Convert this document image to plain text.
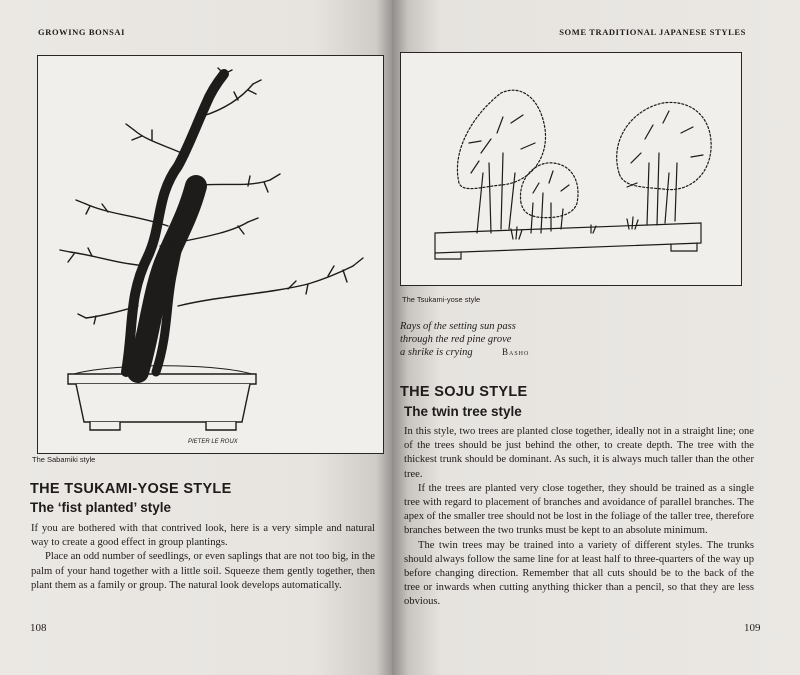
GROWING BONSAI
PIETER LE ROUX
The Sabamiki style
THE TSUKAMI-YOSE STYLE
The ‘fist planted’ style

If you are bothered with that contrived look, here is a very simple and natural way to create a good effect in group plantings.

Place an odd number of seedlings, or even saplings that are not too big, in the palm of your hand together with a little soil. Squeeze them gently together, then plant them as a family or group. The natural look develops automatically.

108
SOME TRADITIONAL JAPANESE STYLES
The Tsukami-yose style
Rays of the setting sun pass
through the red pine grove
a shrike is crying	Basho
THE SOJU STYLE
The twin tree style

In this style, two trees are planted close together, ideally not in a straight line; one of the trees should be just behind the other, to create depth. The tree with the thickest trunk should be dominant. As such, it is always much taller than the other tree.

If the trees are planted very close together, they should be trained as a single tree with regard to placement of branches and avoidance of parallel branches. The apex of the smaller tree should not be lost in the foliage of the taller tree, therefore branches between the two trunks must be kept to an absolute minimum.

The twin trees may be trained into a variety of different styles. The trunks should always follow the same line for at least half to three-quarters of the way up before changing direction. Remember that all cuts should be to the back of the tree or inwards when cutting anything thicker than a pencil, so that they are less obvious.

109
